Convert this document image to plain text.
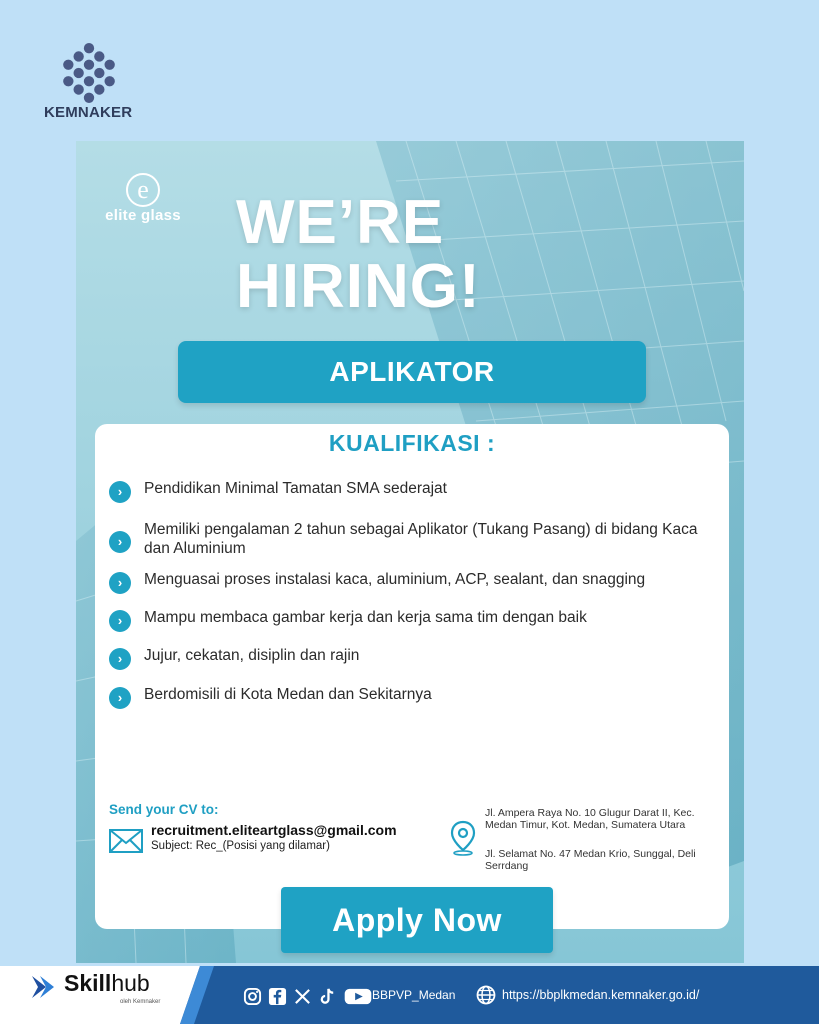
KEMNAKER
e
elite glass WE’RE
HIRING!
APLIKATOR
KUALIFIKASI :
›	Pendidikan Minimal Tamatan SMA sederajat
›
Memiliki pengalaman 2 tahun sebagai Aplikator (Tukang Pasang) di bidang Kaca dan Aluminium
›	Menguasai proses instalasi kaca, aluminium, ACP, sealant, dan snagging
›	Mampu membaca gambar kerja dan kerja sama tim dengan baik
›	Jujur, cekatan, disiplin dan rajin
›	Berdomisili di Kota Medan dan Sekitarnya
Send your CV to:
recruitment.eliteartglass@gmail.com
Subject: Rec_(Posisi yang dilamar)
Jl. Ampera Raya No. 10 Glugur Darat II, Kec. Medan Timur, Kot. Medan, Sumatera Utara
Jl. Selamat No. 47 Medan Krio, Sunggal, Deli Serrdang
Apply Now
Skillhub
oleh Kemnaker	BBPVP_Medan	https://bbplkmedan.kemnaker.go.id/
